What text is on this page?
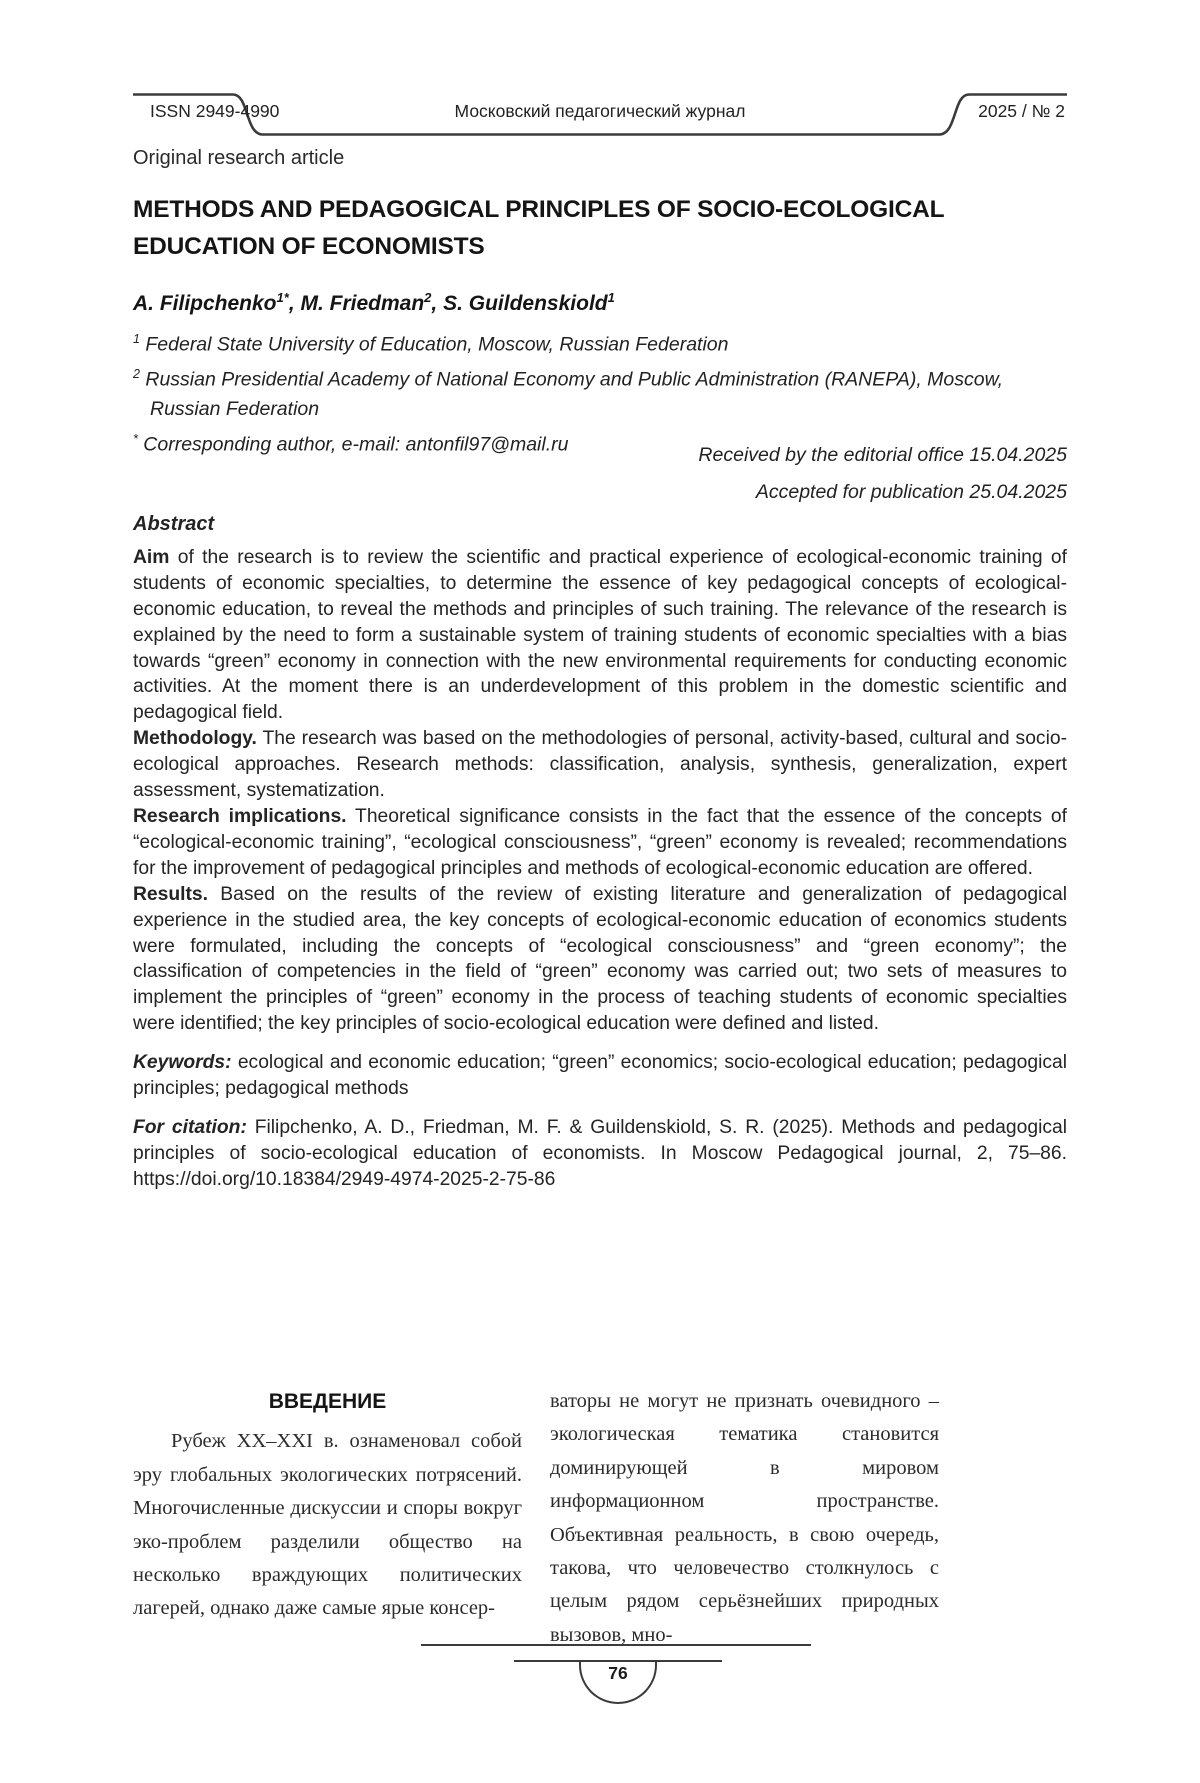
ISSN 2949-4990	Московский педагогический журнал	2025 / № 2
Original research article
METHODS AND PEDAGOGICAL PRINCIPLES OF SOCIO-ECOLOGICAL
EDUCATION OF ECONOMISTS
A. Filipchenko$^{1*}$, M. Friedman$^2$, S. Guildenskiold$^1$
$^1$ Federal State University of Education, Moscow, Russian Federation
$^2$ Russian Presidential Academy of National Economy and Public Administration (RANEPA), Moscow, Russian Federation
* Corresponding author, e-mail: antonfil97@mail.ru	Received by the editorial office 15.04.2025
Accepted for publication 25.04.2025
Abstract

Aim of the research is to review the scientific and practical experience of ecological-economic training of students of economic specialties, to determine the essence of key pedagogical concepts of ecological-economic education, to reveal the methods and principles of such training. The relevance of the research is explained by the need to form a sustainable system of training students of economic specialties with a bias towards “green” economy in connection with the new environmental requirements for conducting economic activities. At the moment there is an underdevelopment of this problem in the domestic scientific and pedagogical field.

Methodology. The research was based on the methodologies of personal, activity-based, cultural and socio-ecological approaches. Research methods: classification, analysis, synthesis, generalization, expert assessment, systematization.

Research implications. Theoretical significance consists in the fact that the essence of the concepts of “ecological-economic training”, “ecological consciousness”, “green” economy is revealed; recommendations for the improvement of pedagogical principles and methods of ecological-economic education are offered.

Results. Based on the results of the review of existing literature and generalization of pedagogical experience in the studied area, the key concepts of ecological-economic education of economics students were formulated, including the concepts of “ecological consciousness” and “green economy”; the classification of competencies in the field of “green” economy was carried out; two sets of measures to implement the principles of “green” economy in the process of teaching students of economic specialties were identified; the key principles of socio-ecological education were defined and listed.

Keywords: ecological and economic education; “green” economics; socio-ecological education; pedagogical principles; pedagogical methods

For citation: Filipchenko, A. D., Friedman, M. F. & Guildenskiold, S. R. (2025). Methods and pedagogical principles of socio-ecological education of economists. In Moscow Pedagogical journal, 2, 75–86. https://doi.org/10.18384/2949-4974-2025-2-75-86

ВВЕДЕНИЕ

Рубеж XX–XXI в. ознаменовал собой эру глобальных экологических потрясений. Многочисленные дискуссии и споры вокруг эко-проблем разделили общество на несколько враждующих политических лагерей, однако даже самые ярые консер-

ваторы не могут не признать очевидного – экологическая тематика становится доминирующей в мировом информационном пространстве. Объективная реальность, в свою очередь, такова, что человечество столкнулось с целым рядом серьёзнейших природных вызовов, мно-

76
